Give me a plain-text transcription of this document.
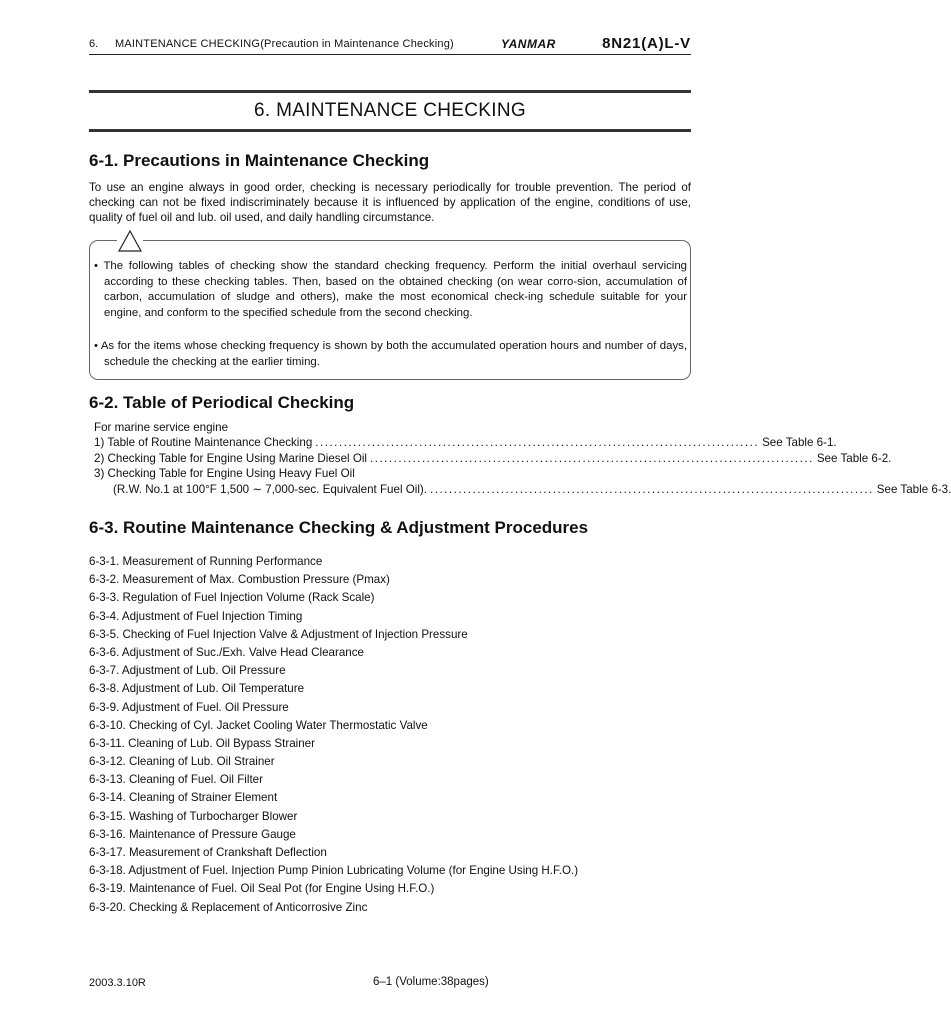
6. MAINTENANCE CHECKING(Precaution in Maintenance Checking)	YANMAR	8N21(A)L-V
6. MAINTENANCE CHECKING
6-1. Precautions in Maintenance Checking

To use an engine always in good order, checking is necessary periodically for trouble prevention. The period of checking can not be fixed indiscriminately because it is influenced by application of the engine, conditions of use, quality of fuel oil and lub. oil used, and daily handling circumstance.

• The following tables of checking show the standard checking frequency. Perform the initial overhaul servicing according to these checking tables. Then, based on the obtained checking (on wear corro-sion, accumulation of carbon, accumulation of sludge and others), make the most economical check-ing schedule suitable for your engine, and conform to the specified schedule from the second checking.

• As for the items whose checking frequency is shown by both the accumulated operation hours and number of days, schedule the checking at the earlier timing.

6-2. Table of Periodical Checking
For marine service engine
1) Table of Routine Maintenance Checking .............................................................................................. See Table 6-1.
2) Checking Table for Engine Using Marine Diesel Oil .............................................................................................. See Table 6-2.
3) Checking Table for Engine Using Heavy Fuel Oil
(R.W. No.1 at 100°F 1,500 ∼ 7,000-sec. Equivalent Fuel Oil). .............................................................................................. See Table 6-3.
6-3. Routine Maintenance Checking & Adjustment Procedures
6-3-1. Measurement of Running Performance
6-3-2. Measurement of Max. Combustion Pressure (Pmax)
6-3-3. Regulation of Fuel Injection Volume (Rack Scale)
6-3-4. Adjustment of Fuel Injection Timing
6-3-5. Checking of Fuel Injection Valve & Adjustment of Injection Pressure
6-3-6. Adjustment of Suc./Exh. Valve Head Clearance
6-3-7. Adjustment of Lub. Oil Pressure
6-3-8. Adjustment of Lub. Oil Temperature
6-3-9. Adjustment of Fuel. Oil Pressure
6-3-10. Checking of Cyl. Jacket Cooling Water Thermostatic Valve
6-3-11. Cleaning of Lub. Oil Bypass Strainer
6-3-12. Cleaning of Lub. Oil Strainer
6-3-13. Cleaning of Fuel. Oil Filter
6-3-14. Cleaning of Strainer Element
6-3-15. Washing of Turbocharger Blower
6-3-16. Maintenance of Pressure Gauge
6-3-17. Measurement of Crankshaft Deflection
6-3-18. Adjustment of Fuel. Injection Pump Pinion Lubricating Volume (for Engine Using H.F.O.)
6-3-19. Maintenance of Fuel. Oil Seal Pot (for Engine Using H.F.O.)
6-3-20. Checking & Replacement of Anticorrosive Zinc
2003.3.10R	6–1 (Volume:38pages)
